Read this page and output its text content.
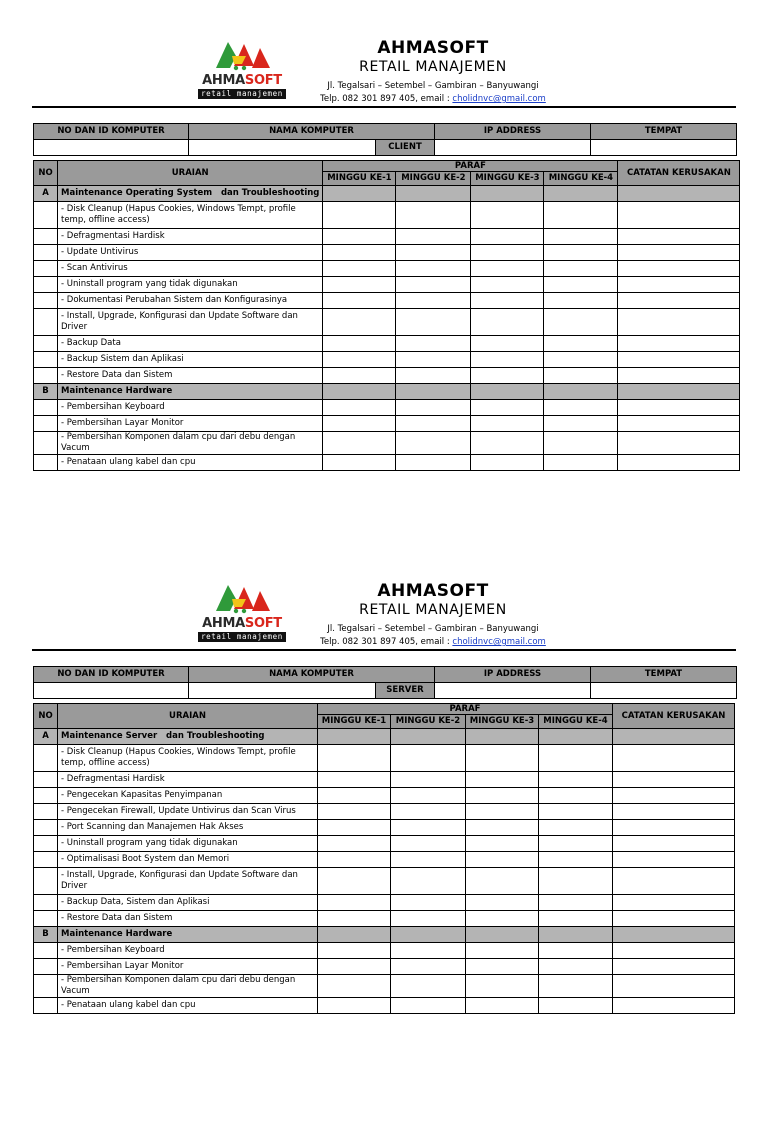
AHMASOFT
retail manajemen
AHMASOFT
RETAIL MANAJEMEN
Jl. Tegalsari – Setembel – Gambiran – Banyuwangi
Telp. 082 301 897 405, email : cholidnvc@gmail.com
NO DAN ID KOMPUTER	NAMA KOMPUTER	IP ADDRESS	TEMPAT

	CLIENT		

NO	URAIAN	PARAF				CATATAN KERUSAKAN
		MINGGU KE-1	MINGGU KE-2	MINGGU KE-3	MINGGU KE-4	
A	Maintenance Operating System   dan Troubleshooting					
	- Disk Cleanup (Hapus Cookies, Windows Tempt, profile temp, offline access)					
	- Defragmentasi Hardisk					
	- Update Untivirus					
	- Scan Antivirus					
	- Uninstall program yang tidak digunakan					
	- Dokumentasi Perubahan Sistem dan Konfigurasinya					
	- Install, Upgrade, Konfigurasi dan Update Software dan Driver					
	- Backup Data					
	- Backup Sistem dan Aplikasi					
	- Restore Data dan Sistem					
B	Maintenance Hardware					
	- Pembersihan Keyboard					
	- Pembersihan Layar Monitor					
	- Pembersihan Komponen dalam cpu dari debu dengan Vacum					
	- Penataan ulang kabel dan cpu					
AHMASOFT
retail manajemen
AHMASOFT
RETAIL MANAJEMEN
Jl. Tegalsari – Setembel – Gambiran – Banyuwangi
Telp. 082 301 897 405, email : cholidnvc@gmail.com
NO DAN ID KOMPUTER	NAMA KOMPUTER	IP ADDRESS	TEMPAT

	SERVER		

NO	URAIAN	PARAF				CATATAN KERUSAKAN
		MINGGU KE-1	MINGGU KE-2	MINGGU KE-3	MINGGU KE-4	
A	Maintenance Server   dan Troubleshooting					
	- Disk Cleanup (Hapus Cookies, Windows Tempt, profile temp, offline access)					
	- Defragmentasi Hardisk					
	- Pengecekan Kapasitas Penyimpanan					
	- Pengecekan Firewall, Update Untivirus dan Scan Virus					
	- Port Scanning dan Manajemen Hak Akses					
	- Uninstall program yang tidak digunakan					
	- Optimalisasi Boot System dan Memori					
	- Install, Upgrade, Konfigurasi dan Update Software dan Driver					
	- Backup Data, Sistem dan Aplikasi					
	- Restore Data dan Sistem					
B	Maintenance Hardware					
	- Pembersihan Keyboard					
	- Pembersihan Layar Monitor					
	- Pembersihan Komponen dalam cpu dari debu dengan Vacum					
	- Penataan ulang kabel dan cpu					
